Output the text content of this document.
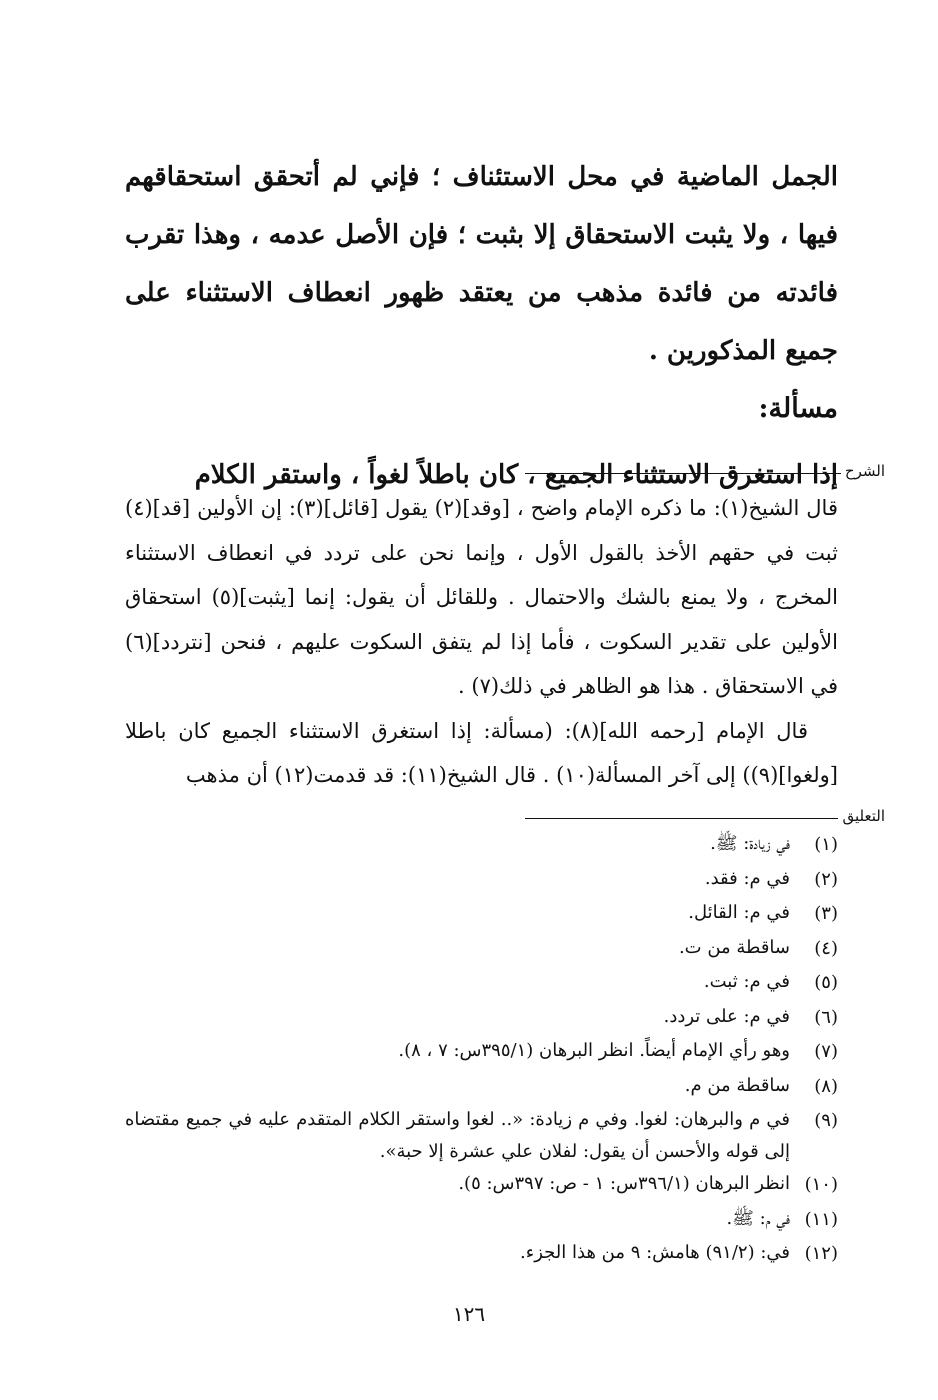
الجمل الماضية في محل الاستئناف ؛ فإني لم أتحقق استحقاقهم فيها ، ولا يثبت الاستحقاق إلا بثبت ؛ فإن الأصل عدمه ، وهذا تقرب فائدته من فائدة مذهب من يعتقد ظهور انعطاف الاستثناء على جميع المذكورين .

مسألة:

إذا استغرق الاستثناء الجميع ، كان باطلاً لغواً ، واستقر الكلام الشرح

قال الشيخ(١): ما ذكره الإمام واضح ، [وقد](٢) يقول [قائل](٣): إن الأولين [قد](٤) ثبت في حقهم الأخذ بالقول الأول ، وإنما نحن على تردد في انعطاف الاستثناء المخرج ، ولا يمنع بالشك والاحتمال . وللقائل أن يقول: إنما [يثبت](٥) استحقاق الأولين على تقدير السكوت ، فأما إذا لم يتفق السكوت عليهم ، فنحن [نتردد](٦) في الاستحقاق . هذا هو الظاهر في ذلك(٧) .

قال الإمام [رحمه الله](٨): (مسألة: إذا استغرق الاستثناء الجميع كان باطلا [ولغوا](٩)) إلى آخر المسألة(١٠) . قال الشيخ(١١): قد قدمت(١٢) أن مذهب

التعليق
(١)
في زيادة: ﷺ.
(٢)
في م: فقد.
(٣)
في م: القائل.
(٤)
ساقطة من ت.
(٥)
في م: ثبت.
(٦)
في م: على تردد.
(٧)
وهو رأي الإمام أيضاً. انظر البرهان (٣٩٥/١س: ٧ ، ٨).
(٨)
ساقطة من م.
(٩)
في م والبرهان: لغوا. وفي م زيادة: «.. لغوا واستقر الكلام المتقدم عليه في جميع مقتضاه إلى قوله والأحسن أن يقول: لفلان علي عشرة إلا حبة».
(١٠)
انظر البرهان (٣٩٦/١س: ١ - ص: ٣٩٧س: ٥).
(١١)
في م: ﷺ.
(١٢)
في: (٩١/٢) هامش: ٩ من هذا الجزء.
١٢٦
